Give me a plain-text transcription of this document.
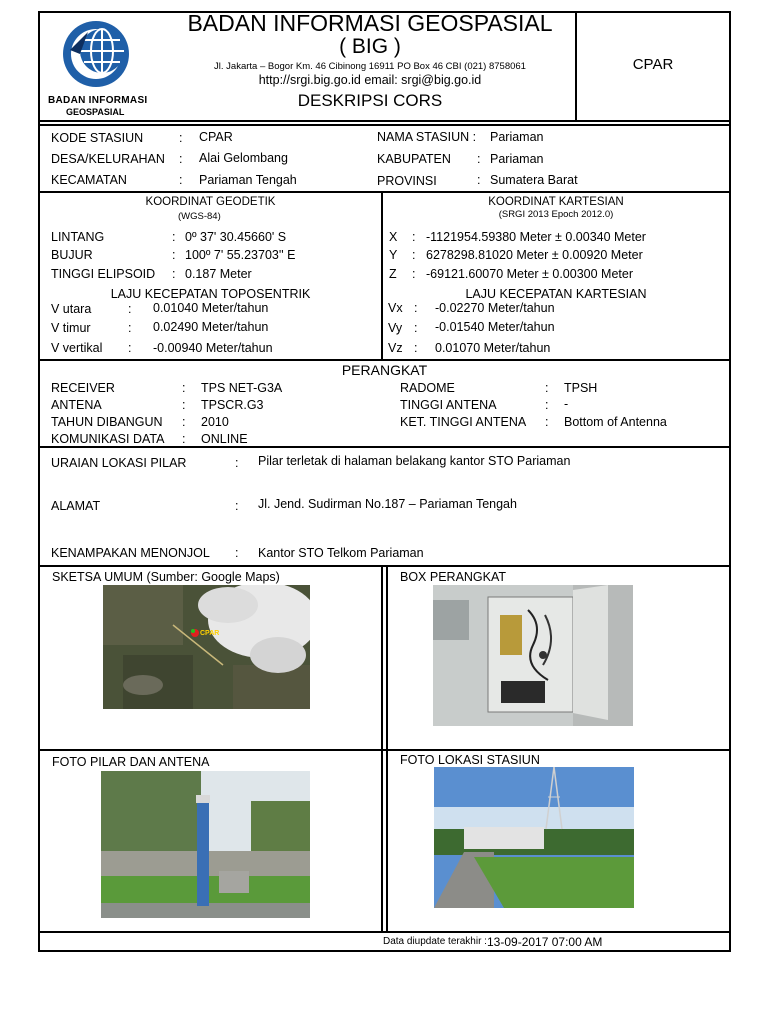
BADAN INFORMASI
GEOSPASIAL
BADAN INFORMASI GEOSPASIAL
( BIG )
Jl. Jakarta – Bogor Km. 46 Cibinong 16911 PO Box 46 CBI (021) 8758061
http://srgi.big.go.id email: srgi@big.go.id
DESKRIPSI CORS
CPAR
KODE STASIUN	: CPAR
DESA/KELURAHAN : Alai Gelombang
KECAMATAN	: Pariaman Tengah
NAMA STASIUN : Pariaman
KABUPATEN : Pariaman
PROVINSI	: Sumatera Barat
KOORDINAT GEODETIK
(WGS-84)
LINTANG	: 0º 37' 30.45660' S
BUJUR	: 100º 7' 55.23703'' E
TINGGI ELIPSOID : 0.187 Meter
LAJU KECEPATAN TOPOSENTRIK
V utara	: 0.01040 Meter/tahun
V timur	: 0.02490 Meter/tahun
V vertikal : -0.00940 Meter/tahun
KOORDINAT KARTESIAN
(SRGI 2013 Epoch 2012.0)
X : -1121954.59380 Meter ± 0.00340 Meter
Y : 6278298.81020 Meter ± 0.00920 Meter
Z : -69121.60070 Meter ± 0.00300 Meter
LAJU KECEPATAN KARTESIAN
Vx : -0.02270 Meter/tahun
Vy : -0.01540 Meter/tahun
Vz : 0.01070 Meter/tahun
PERANGKAT
RECEIVER	: TPS NET-G3A
ANTENA	: TPSCR.G3
TAHUN DIBANGUN : 2010
KOMUNIKASI DATA : ONLINE
RADOME	: TPSH
TINGGI ANTENA	: -
KET. TINGGI ANTENA : Bottom of Antenna
URAIAN LOKASI PILAR	: Pilar terletak di halaman belakang kantor STO Pariaman
ALAMAT	: Jl. Jend. Sudirman No.187 – Pariaman Tengah
KENAMPAKAN MENONJOL : Kantor STO Telkom Pariaman
SKETSA UMUM (Sumber: Google Maps)
CPAR
BOX PERANGKAT
FOTO PILAR DAN ANTENA	FOTO LOKASI STASIUN
Data diupdate terakhir : 13-09-2017 07:00 AM
